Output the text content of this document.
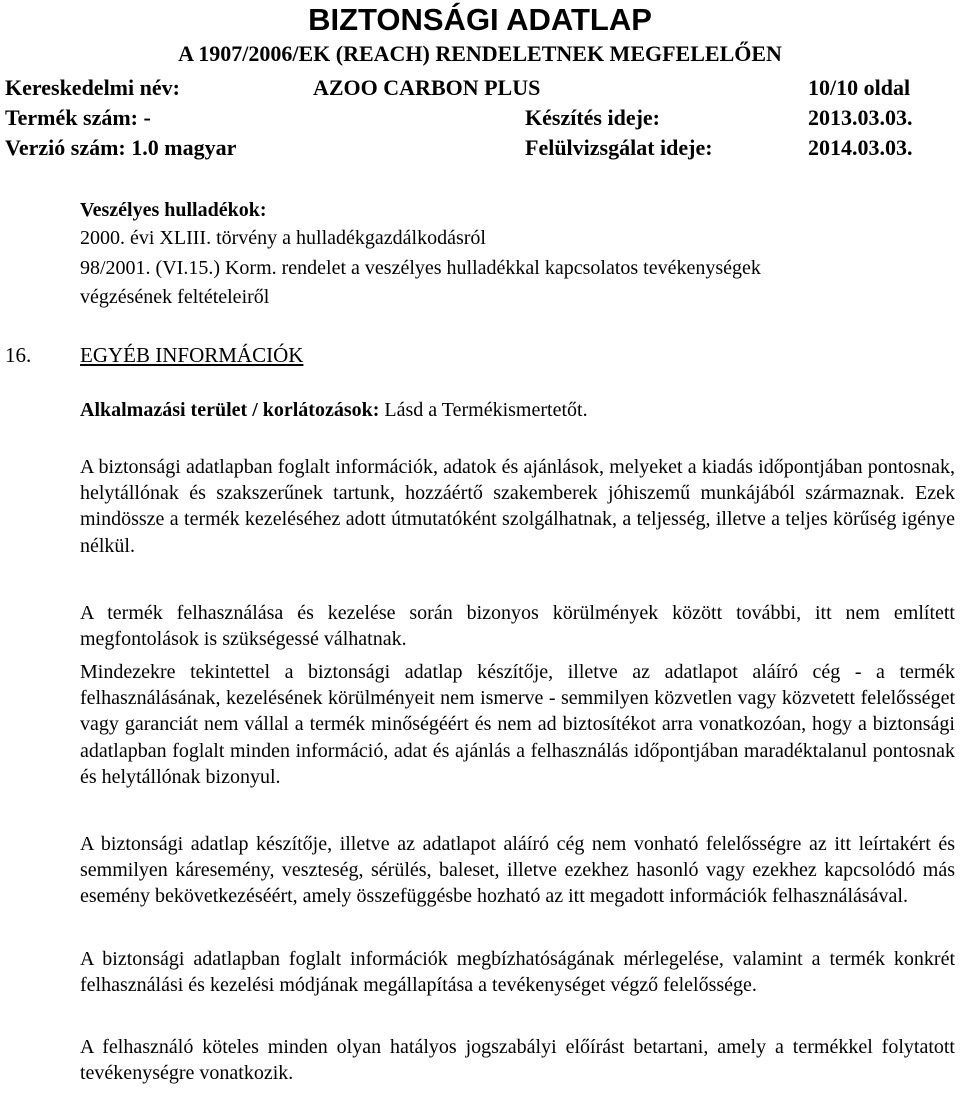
BIZTONSÁGI ADATLAP
A 1907/2006/EK (REACH) RENDELETNEK MEGFELELŐEN
Kereskedelmi név:	AZOO CARBON PLUS	10/10 oldal
Termék szám: -	Készítés ideje:	2013.03.03.
Verzió szám: 1.0 magyar	Felülvizsgálat ideje:	2014.03.03.
Veszélyes hulladékok:
2000. évi XLIII. törvény a hulladékgazdálkodásról
98/2001. (VI.15.) Korm. rendelet a veszélyes hulladékkal kapcsolatos tevékenységek
végzésének feltételeiről
16. EGYÉB INFORMÁCIÓK
Alkalmazási terület / korlátozások: Lásd a Termékismertetőt.
A biztonsági adatlapban foglalt információk, adatok és ajánlások, melyeket a kiadás időpontjában pontosnak, helytállónak és szakszerűnek tartunk, hozzáértő szakemberek jóhiszemű munkájából származnak. Ezek mindössze a termék kezeléséhez adott útmutatóként szolgálhatnak, a teljesség, illetve a teljes körűség igénye nélkül.
A termék felhasználása és kezelése során bizonyos körülmények között további, itt nem említett megfontolások is szükségessé válhatnak.
Mindezekre tekintettel a biztonsági adatlap készítője, illetve az adatlapot aláíró cég - a termék felhasználásának, kezelésének körülményeit nem ismerve - semmilyen közvetlen vagy közvetett felelősséget vagy garanciát nem vállal a termék minőségéért és nem ad biztosítékot arra vonatkozóan, hogy a biztonsági adatlapban foglalt minden információ, adat és ajánlás a felhasználás időpontjában maradéktalanul pontosnak és helytállónak bizonyul.
A biztonsági adatlap készítője, illetve az adatlapot aláíró cég nem vonható felelősségre az itt leírtakért és semmilyen káresemény, veszteség, sérülés, baleset, illetve ezekhez hasonló vagy ezekhez kapcsolódó más esemény bekövetkezéséért, amely összefüggésbe hozható az itt megadott információk felhasználásával.
A biztonsági adatlapban foglalt információk megbízhatóságának mérlegelése, valamint a termék konkrét felhasználási és kezelési módjának megállapítása a tevékenységet végző felelőssége.
A felhasználó köteles minden olyan hatályos jogszabályi előírást betartani, amely a termékkel folytatott tevékenységre vonatkozik.
